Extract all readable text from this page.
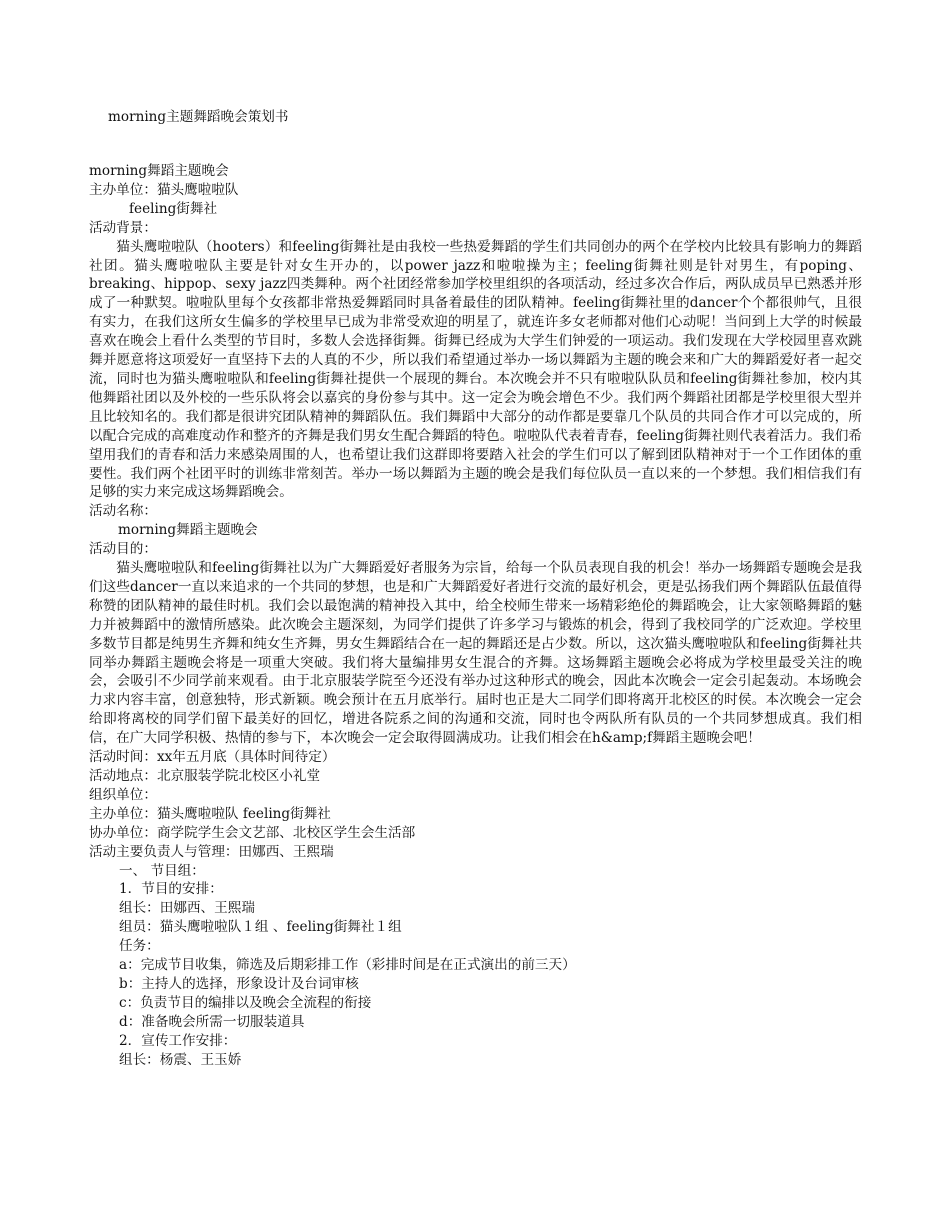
morning主题舞蹈晚会策划书

morning舞蹈主题晚会

主办单位：猫头鹰啦啦队

feeling街舞社

活动背景：

猫头鹰啦啦队（hooters）和feeling街舞社是由我校一些热爱舞蹈的学生们共同创办的两个在学校内比较具有影响力的舞蹈社团。猫头鹰啦啦队主要是针对女生开办的，以power jazz和啦啦操为主；feeling街舞社则是针对男生，有poping、breaking、hippop、sexy jazz四类舞种。两个社团经常参加学校里组织的各项活动，经过多次合作后，两队成员早已熟悉并形成了一种默契。啦啦队里每个女孩都非常热爱舞蹈同时具备着最佳的团队精神。feeling街舞社里的dancer个个都很帅气，且很有实力，在我们这所女生偏多的学校里早已成为非常受欢迎的明星了，就连许多女老师都对他们心动呢！当问到上大学的时候最喜欢在晚会上看什么类型的节目时，多数人会选择街舞。街舞已经成为大学生们钟爱的一项运动。我们发现在大学校园里喜欢跳舞并愿意将这项爱好一直坚持下去的人真的不少，所以我们希望通过举办一场以舞蹈为主题的晚会来和广大的舞蹈爱好者一起交流，同时也为猫头鹰啦啦队和feeling街舞社提供一个展现的舞台。本次晚会并不只有啦啦队队员和feeling街舞社参加，校内其他舞蹈社团以及外校的一些乐队将会以嘉宾的身份参与其中。这一定会为晚会增色不少。我们两个舞蹈社团都是学校里很大型并且比较知名的。我们都是很讲究团队精神的舞蹈队伍。我们舞蹈中大部分的动作都是要靠几个队员的共同合作才可以完成的，所以配合完成的高难度动作和整齐的齐舞是我们男女生配合舞蹈的特色。啦啦队代表着青春，feeling街舞社则代表着活力。我们希望用我们的青春和活力来感染周围的人，也希望让我们这群即将要踏入社会的学生们可以了解到团队精神对于一个工作团体的重要性。我们两个社团平时的训练非常刻苦。举办一场以舞蹈为主题的晚会是我们每位队员一直以来的一个梦想。我们相信我们有足够的实力来完成这场舞蹈晚会。

活动名称：

morning舞蹈主题晚会

活动目的：

猫头鹰啦啦队和feeling街舞社以为广大舞蹈爱好者服务为宗旨，给每一个队员表现自我的机会！举办一场舞蹈专题晚会是我们这些dancer一直以来追求的一个共同的梦想，也是和广大舞蹈爱好者进行交流的最好机会，更是弘扬我们两个舞蹈队伍最值得称赞的团队精神的最佳时机。我们会以最饱满的精神投入其中，给全校师生带来一场精彩绝伦的舞蹈晚会，让大家领略舞蹈的魅力并被舞蹈中的激情所感染。此次晚会主题深刻，为同学们提供了许多学习与锻炼的机会，得到了我校同学的广泛欢迎。学校里多数节目都是纯男生齐舞和纯女生齐舞，男女生舞蹈结合在一起的舞蹈还是占少数。所以，这次猫头鹰啦啦队和feeling街舞社共同举办舞蹈主题晚会将是一项重大突破。我们将大量编排男女生混合的齐舞。这场舞蹈主题晚会必将成为学校里最受关注的晚会，会吸引不少同学前来观看。由于北京服装学院至今还没有举办过这种形式的晚会，因此本次晚会一定会引起轰动。本场晚会力求内容丰富，创意独特，形式新颖。晚会预计在五月底举行。届时也正是大二同学们即将离开北校区的时侯。本次晚会一定会给即将离校的同学们留下最美好的回忆，增进各院系之间的沟通和交流，同时也令两队所有队员的一个共同梦想成真。我们相信，在广大同学积极、热情的参与下，本次晚会一定会取得圆满成功。让我们相会在h&amp;f舞蹈主题晚会吧！

活动时间：xx年五月底（具体时间待定）

活动地点：北京服装学院北校区小礼堂

组织单位：

主办单位：猫头鹰啦啦队 feeling街舞社

协办单位：商学院学生会文艺部、北校区学生会生活部

活动主要负责人与管理：田娜西、王熙瑞

一、 节目组：

1．节目的安排：

组长：田娜西、王熙瑞

组员：猫头鹰啦啦队１组 、feeling街舞社１组

任务：

a：完成节目收集，筛选及后期彩排工作（彩排时间是在正式演出的前三天）

b：主持人的选择，形象设计及台词审核

c：负责节目的编排以及晚会全流程的衔接

d：准备晚会所需一切服装道具

2．宣传工作安排：

组长：杨震、王玉娇
